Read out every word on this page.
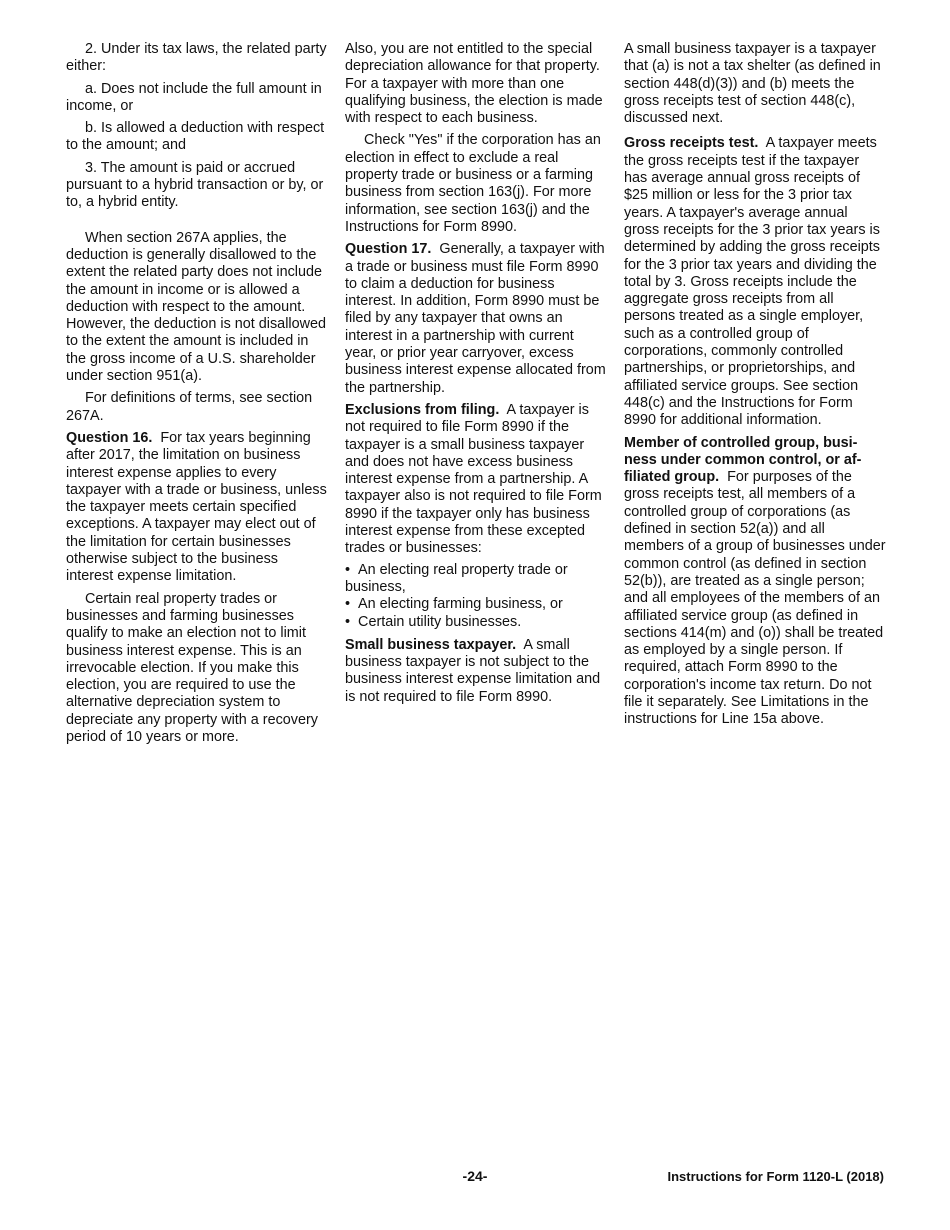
2. Under its tax laws, the related party either:

a. Does not include the full amount in income, or

b. Is allowed a deduction with respect to the amount; and

3. The amount is paid or accrued pursuant to a hybrid transaction or by, or to, a hybrid entity.

When section 267A applies, the deduction is generally disallowed to the extent the related party does not include the amount in income or is allowed a deduction with respect to the amount. However, the deduction is not disallowed to the extent the amount is included in the gross income of a U.S. shareholder under section 951(a).

For definitions of terms, see section 267A.

Question 16. For tax years beginning after 2017, the limitation on business interest expense applies to every taxpayer with a trade or business, unless the taxpayer meets certain specified exceptions. A taxpayer may elect out of the limitation for certain businesses otherwise subject to the business interest expense limitation.

Certain real property trades or businesses and farming businesses qualify to make an election not to limit business interest expense. This is an irrevocable election. If you make this election, you are required to use the alternative depreciation system to depreciate any property with a recovery period of 10 years or more.

Also, you are not entitled to the special depreciation allowance for that property. For a taxpayer with more than one qualifying business, the election is made with respect to each business.

Check "Yes" if the corporation has an election in effect to exclude a real property trade or business or a farming business from section 163(j). For more information, see section 163(j) and the Instructions for Form 8990.

Question 17. Generally, a taxpayer with a trade or business must file Form 8990 to claim a deduction for business interest. In addition, Form 8990 must be filed by any taxpayer that owns an interest in a partnership with current year, or prior year carryover, excess business interest expense allocated from the partnership.

Exclusions from filing. A taxpayer is not required to file Form 8990 if the taxpayer is a small business taxpayer and does not have excess business interest expense from a partnership. A taxpayer also is not required to file Form 8990 if the taxpayer only has business interest expense from these excepted trades or businesses:

• An electing real property trade or business,
• An electing farming business, or
• Certain utility businesses.

Small business taxpayer. A small business taxpayer is not subject to the business interest expense limitation and is not required to file Form 8990.

A small business taxpayer is a taxpayer that (a) is not a tax shelter (as defined in section 448(d)(3)) and (b) meets the gross receipts test of section 448(c), discussed next.

Gross receipts test. A taxpayer meets the gross receipts test if the taxpayer has average annual gross receipts of $25 million or less for the 3 prior tax years. A taxpayer's average annual gross receipts for the 3 prior tax years is determined by adding the gross receipts for the 3 prior tax years and dividing the total by 3. Gross receipts include the aggregate gross receipts from all persons treated as a single employer, such as a controlled group of corporations, commonly controlled partnerships, or proprietorships, and affiliated service groups. See section 448(c) and the Instructions for Form 8990 for additional information.

Member of controlled group, busi-ness under common control, or af-filiated group. For purposes of the gross receipts test, all members of a controlled group of corporations (as defined in section 52(a)) and all members of a group of businesses under common control (as defined in section 52(b)), are treated as a single person; and all employees of the members of an affiliated service group (as defined in sections 414(m) and (o)) shall be treated as employed by a single person. If required, attach Form 8990 to the corporation's income tax return. Do not file it separately. See Limitations in the instructions for Line 15a above.

-24-	Instructions for Form 1120-L (2018)
